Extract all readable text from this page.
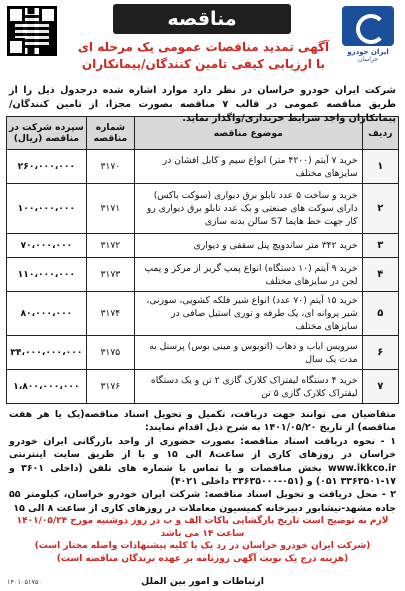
مناقصه
آگهی تمدید مناقصات عمومی یک مرحله ای
با ارزیابی کیفی تامین کنندگان/پیمانکاران
ایران خودرو
خراسان
شرکت ایران خودرو خراسان در نظر دارد موارد اشاره شده درجدول ذیل را از طریق مناقصه عمومی در قالب ۷ مناقصه بصورت مجزا، از تامین کنندگان/پیمانکاران واجد شرایط خریداری/واگذار نماید.
ردیف	موضوع مناقصه	شماره مناقصه	سپرده شرکت در مناقصه (ریال)
۱	خرید ۷ آیتم (۴۲۰۰ متر) انواع سیم و کابل افشان در سایزهای مختلف	۳۱۷۰	۲۶۰،۰۰۰،۰۰۰
۲	خرید و ساخت ۵ عدد تابلو برق دیواری (سوکت باکس) دارای سوکت های صنعتی و یک عدد تابلو برق دیواری رو کار جهت خط هایما S7 سالن بدنه سازی	۳۱۷۱	۱۰۰،۰۰۰،۰۰۰
۳	خرید ۳۴۲ متر ساندویچ پنل سقفی و دیواری	۳۱۷۲	۷۰،۰۰۰،۰۰۰
۴	خرید ۹ آیتم (۱۰ دستگاه) انواع پمپ گریز از مرکز و پمپ لجن در سایزهای مختلف	۳۱۷۳	۱۱۰،۰۰۰،۰۰۰
۵	خرید ۱۵ آیتم (۷۰ عدد) انواع شیر فلکه کشویی، سوزنی، شیر پروانه ای، یک طرفه و توری استیل صافی در سایزهای مختلف	۳۱۷۴	۸۰،۰۰۰،۰۰۰
۶	سرویس ایاب و ذهاب (اتوبوس و مینی بوس) پرسنل به مدت یک سال	۳۱۷۵	۳۴،۰۰۰،۰۰۰،۰۰۰
۷	خرید ۴ دستگاه لیفتراک کلارک گازی ۲ تن و یک دستگاه لیفتراک کلارک گازی ۵ تن	۳۱۷۶	۱،۸۰۰،۰۰۰،۰۰۰

متقاضیان می توانند جهت دریافت، تکمیل و تحویل اسناد مناقصه(یک یا هر هفت مناقصه) از تاریخ ۱۴۰۱/۰۵/۲۰ به شرح ذیل اقدام نمایند:

۱ - نحوه دریافت اسناد مناقصه: بصورت حضوری از واحد بازرگانی ایران خودرو خراسان در روزهای کاری از ساعت۸ الی ۱۵ و یا از طریق سایت اینترنتی www.ikkco.ir بخش مناقصات و یا تماس با شماره های تلفن (داخلی ۳۶۰۱ و ۱۷-۳۳۶۳۵۰۱ ۰۵۱) و (۰۵۱-۳۳۶۳۵۰۰۰ داخلی ۴۰۲۱)

۲ - محل دریافت و تحویل اسناد مناقصه: شرکت ایران خودرو خراسان، کیلومتر ۵۵ جاده مشهد-نیشابور دبیرخانه کمیسیون معاملات در روزهای کاری از ساعت ۸ الی ۱۵

لازم به توضیح است تاریخ بازگشایی پاکات الف و ب در روز دوشنبه مورخ ۱۴۰۱/۰۵/۲۴ ساعت ۱۴ می باشد
(شرکت ایران خودرو خراسان در رد یک یا کلیه پیشنهادات واصله مختار است)
(هزینه درج یک نوبت آگهی روزنامه بر عهده برندگان مناقصه است)
ارتباطات و امور بین الملل
۱۴۰۱۰۵۱۷۵۰
